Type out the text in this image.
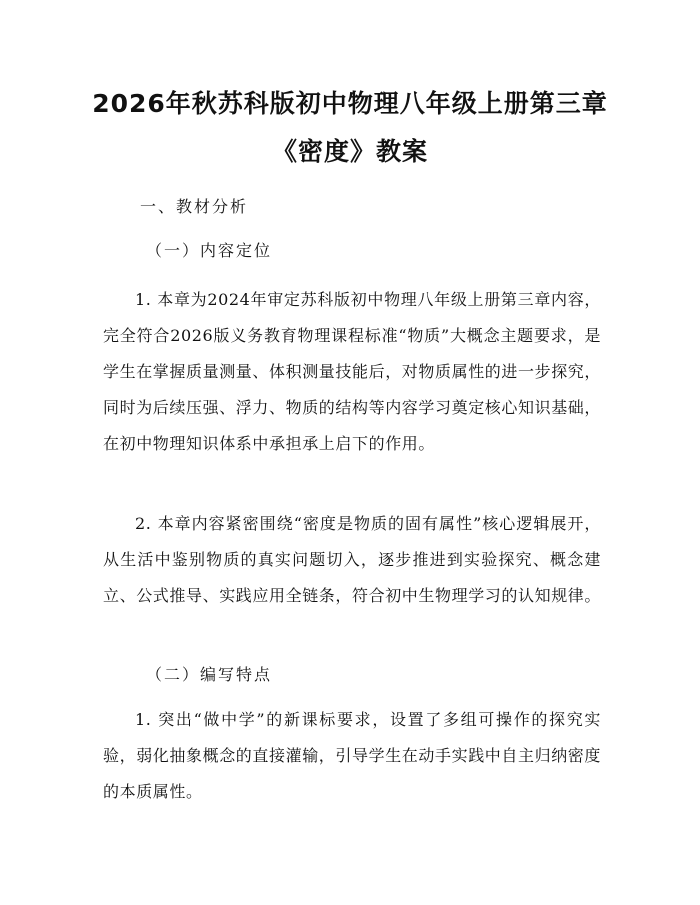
2026年秋苏科版初中物理八年级上册第三章
《密度》教案
一、教材分析
（一）内容定位
1. 本章为2024年审定苏科版初中物理八年级上册第三章内容，完全符合2026版义务教育物理课程标准“物质”大概念主题要求，是学生在掌握质量测量、体积测量技能后，对物质属性的进一步探究，同时为后续压强、浮力、物质的结构等内容学习奠定核心知识基础，在初中物理知识体系中承担承上启下的作用。
2. 本章内容紧密围绕“密度是物质的固有属性”核心逻辑展开，从生活中鉴别物质的真实问题切入，逐步推进到实验探究、概念建立、公式推导、实践应用全链条，符合初中生物理学习的认知规律。
（二）编写特点
1. 突出“做中学”的新课标要求，设置了多组可操作的探究实验，弱化抽象概念的直接灌输，引导学生在动手实践中自主归纳密度的本质属性。
